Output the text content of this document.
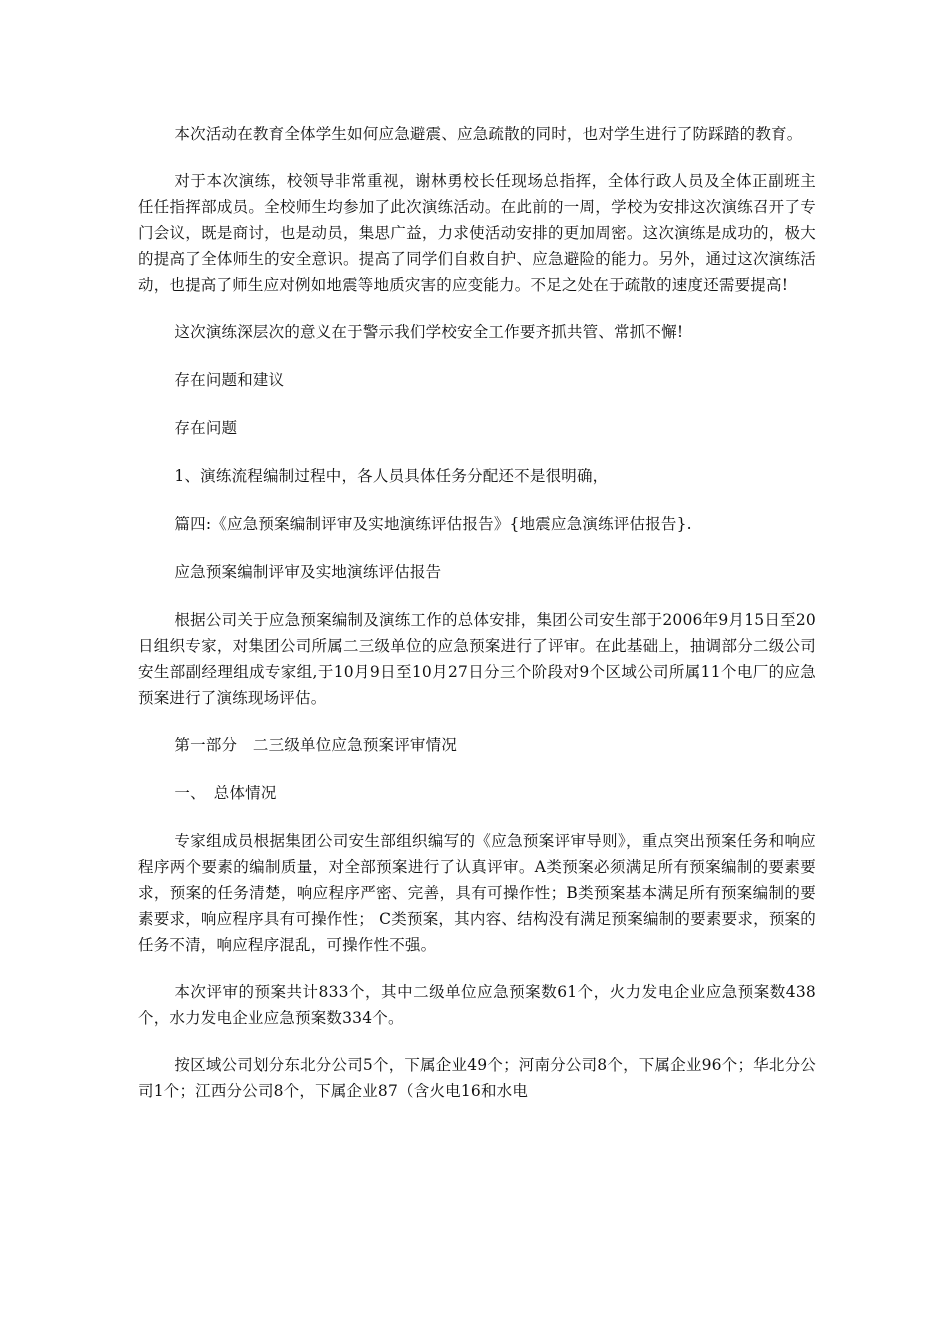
本次活动在教育全体学生如何应急避震、应急疏散的同时，也对学生进行了防踩踏的教育。

对于本次演练，校领导非常重视，谢林勇校长任现场总指挥，全体行政人员及全体正副班主任任指挥部成员。全校师生均参加了此次演练活动。在此前的一周，学校为安排这次演练召开了专门会议，既是商讨，也是动员，集思广益，力求使活动安排的更加周密。这次演练是成功的，极大的提高了全体师生的安全意识。提高了同学们自救自护、应急避险的能力。另外，通过这次演练活动，也提高了师生应对例如地震等地质灾害的应变能力。不足之处在于疏散的速度还需要提高!

这次演练深层次的意义在于警示我们学校安全工作要齐抓共管、常抓不懈!

存在问题和建议

存在问题

1、演练流程编制过程中，各人员具体任务分配还不是很明确，

篇四:《应急预案编制评审及实地演练评估报告》{地震应急演练评估报告}.

应急预案编制评审及实地演练评估报告

根据公司关于应急预案编制及演练工作的总体安排，集团公司安生部于2006年9月15日至20日组织专家，对集团公司所属二三级单位的应急预案进行了评审。在此基础上，抽调部分二级公司安生部副经理组成专家组,于10月9日至10月27日分三个阶段对9个区域公司所属11个电厂的应急预案进行了演练现场评估。

第一部分　二三级单位应急预案评审情况

一、　总体情况

专家组成员根据集团公司安生部组织编写的《应急预案评审导则》，重点突出预案任务和响应程序两个要素的编制质量，对全部预案进行了认真评审。A类预案必须满足所有预案编制的要素要求，预案的任务清楚，响应程序严密、完善，具有可操作性；B类预案基本满足所有预案编制的要素要求，响应程序具有可操作性； C类预案，其内容、结构没有满足预案编制的要素要求，预案的任务不清，响应程序混乱，可操作性不强。

本次评审的预案共计833个，其中二级单位应急预案数61个，火力发电企业应急预案数438个，水力发电企业应急预案数334个。

按区域公司划分东北分公司5个，下属企业49个；河南分公司8个，下属企业96个；华北分公司1个；江西分公司8个，下属企业87（含火电16和水电
